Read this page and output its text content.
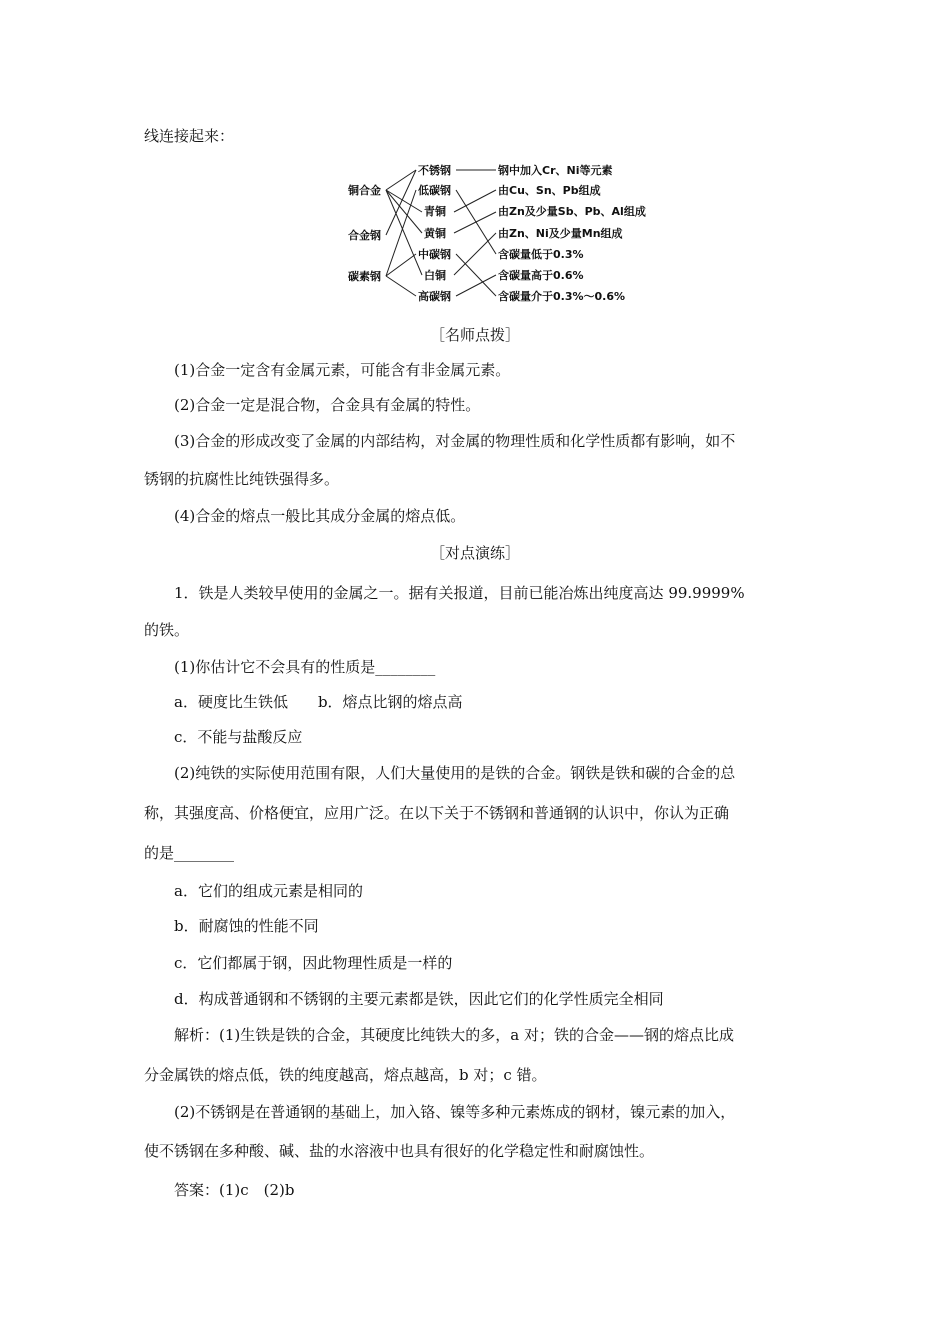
线连接起来：
铜合金
合金钢
碳素钢
不锈钢
低碳钢
青铜
黄铜
中碳钢
白铜
高碳钢
钢中加入Cr、Ni等元素
由Cu、Sn、Pb组成
由Zn及少量Sb、Pb、Al组成
由Zn、Ni及少量Mn组成
含碳量低于0.3%
含碳量高于0.6%
含碳量介于0.3%～0.6%
［名师点拨］
(1)合金一定含有金属元素，可能含有非金属元素。
(2)合金一定是混合物，合金具有金属的特性。
(3)合金的形成改变了金属的内部结构，对金属的物理性质和化学性质都有影响，如不
锈钢的抗腐性比纯铁强得多。
(4)合金的熔点一般比其成分金属的熔点低。
［对点演练］
1．铁是人类较早使用的金属之一。据有关报道，目前已能冶炼出纯度高达 99.9999%
的铁。
(1)你估计它不会具有的性质是________
a．硬度比生铁低　　b．熔点比钢的熔点高
c．不能与盐酸反应
(2)纯铁的实际使用范围有限，人们大量使用的是铁的合金。钢铁是铁和碳的合金的总
称，其强度高、价格便宜，应用广泛。在以下关于不锈钢和普通钢的认识中，你认为正确
的是________
a．它们的组成元素是相同的
b．耐腐蚀的性能不同
c．它们都属于钢，因此物理性质是一样的
d．构成普通钢和不锈钢的主要元素都是铁，因此它们的化学性质完全相同
解析：(1)生铁是铁的合金，其硬度比纯铁大的多，a 对；铁的合金——钢的熔点比成
分金属铁的熔点低，铁的纯度越高，熔点越高，b 对；c 错。
(2)不锈钢是在普通钢的基础上，加入铬、镍等多种元素炼成的钢材，镍元素的加入，
使不锈钢在多种酸、碱、盐的水溶液中也具有很好的化学稳定性和耐腐蚀性。
答案：(1)c　(2)b
